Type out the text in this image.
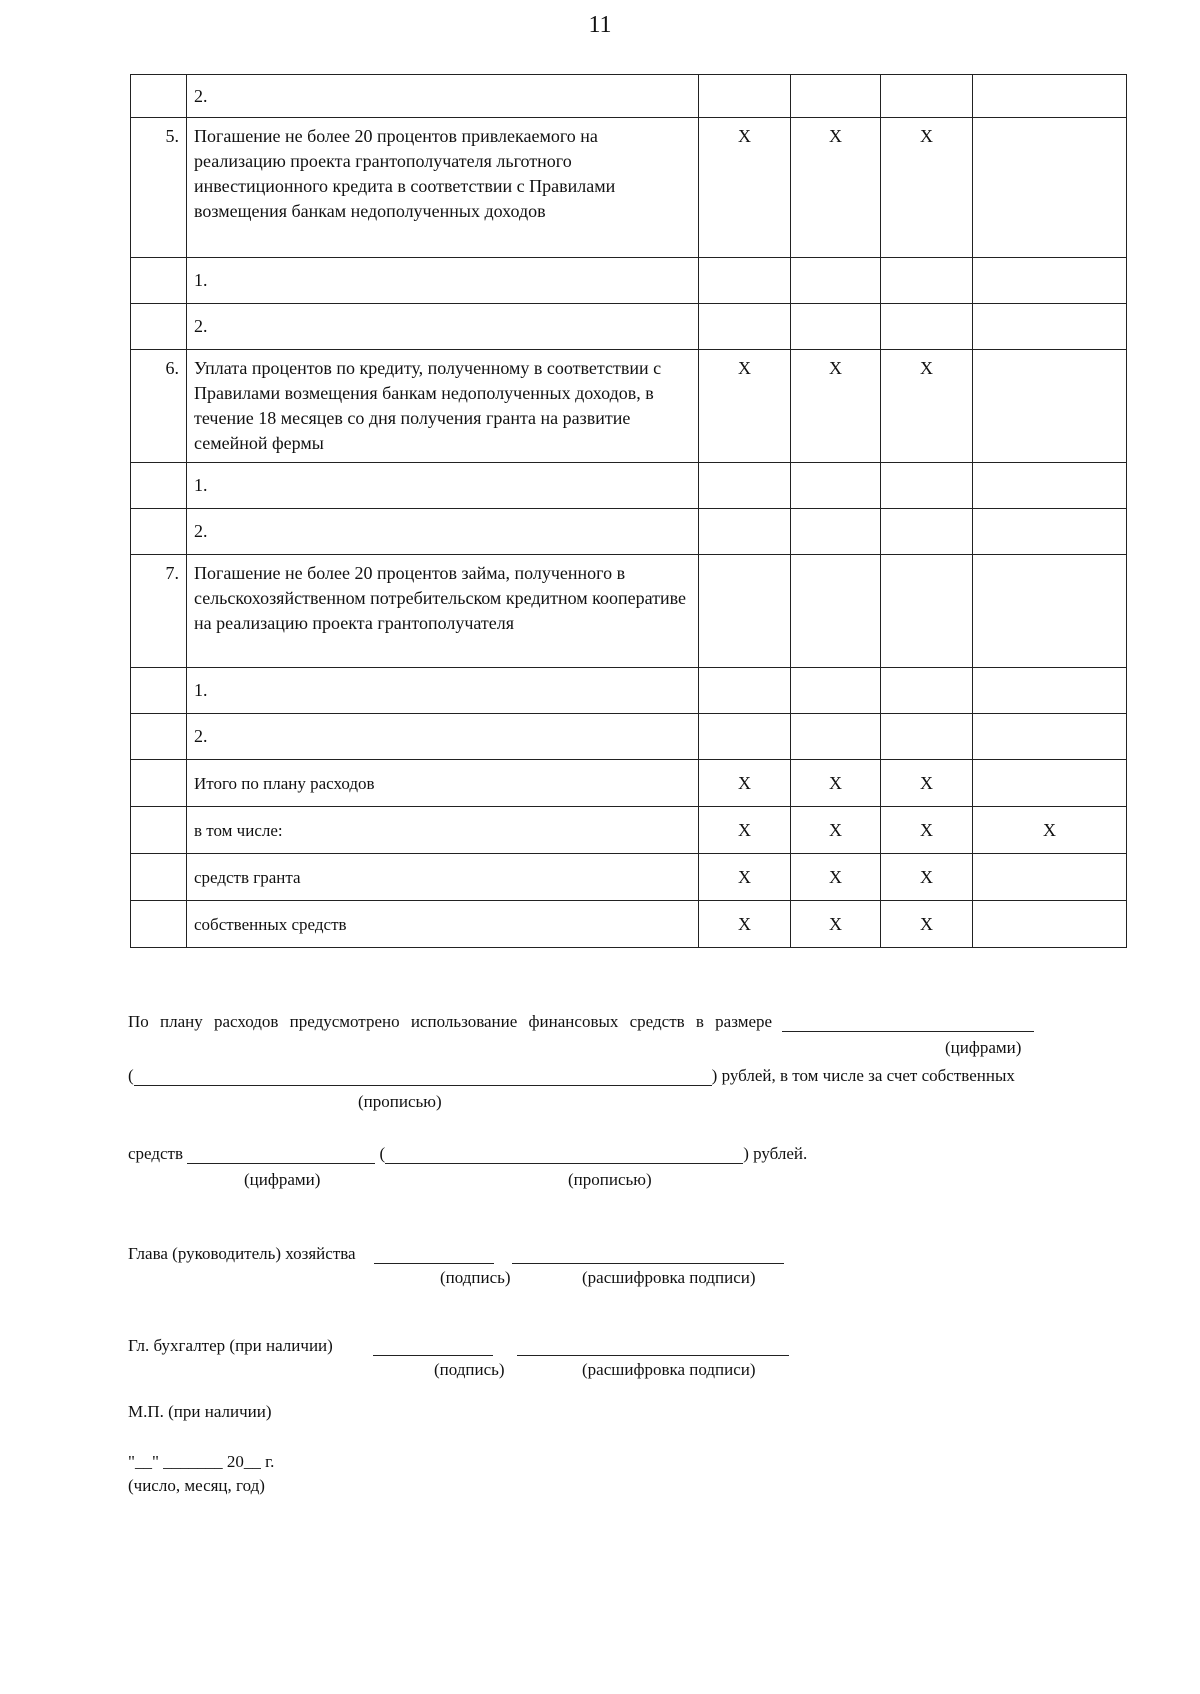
11
	2.				
5.	Погашение не более 20 процентов привлекаемого на реализацию проекта грантополучателя льготного инвестиционного кредита в соответствии с Правилами возмещения банкам недополученных доходов	X	X	X	
	1.				
	2.				
6.	Уплата процентов по кредиту, полученному в соответствии с Правилами возмещения банкам недополученных доходов, в течение 18 месяцев со дня получения гранта на развитие семейной фермы	X	X	X	
	1.				
	2.				
7.	Погашение не более 20 процентов займа, полученного в сельскохозяйственном потребительском кредитном кооперативе на реализацию проекта грантополучателя				
	1.				
	2.				
	Итого по плану расходов	X	X	X	
	в том числе:	X	X	X	X
	средств гранта	X	X	X	
	собственных средств	X	X	X	
По плану расходов предусмотрено использование финансовых средств в размере
(цифрами)
(	) рублей, в том числе за счет собственных
(прописью)
средств	(	) рублей.
(цифрами)	(прописью)
Глава (руководитель) хозяйства
(подпись)	(расшифровка подписи)
Гл. бухгалтер (при наличии)
(подпись)	(расшифровка подписи)
М.П. (при наличии)
"__" _______ 20__ г.
(число, месяц, год)
